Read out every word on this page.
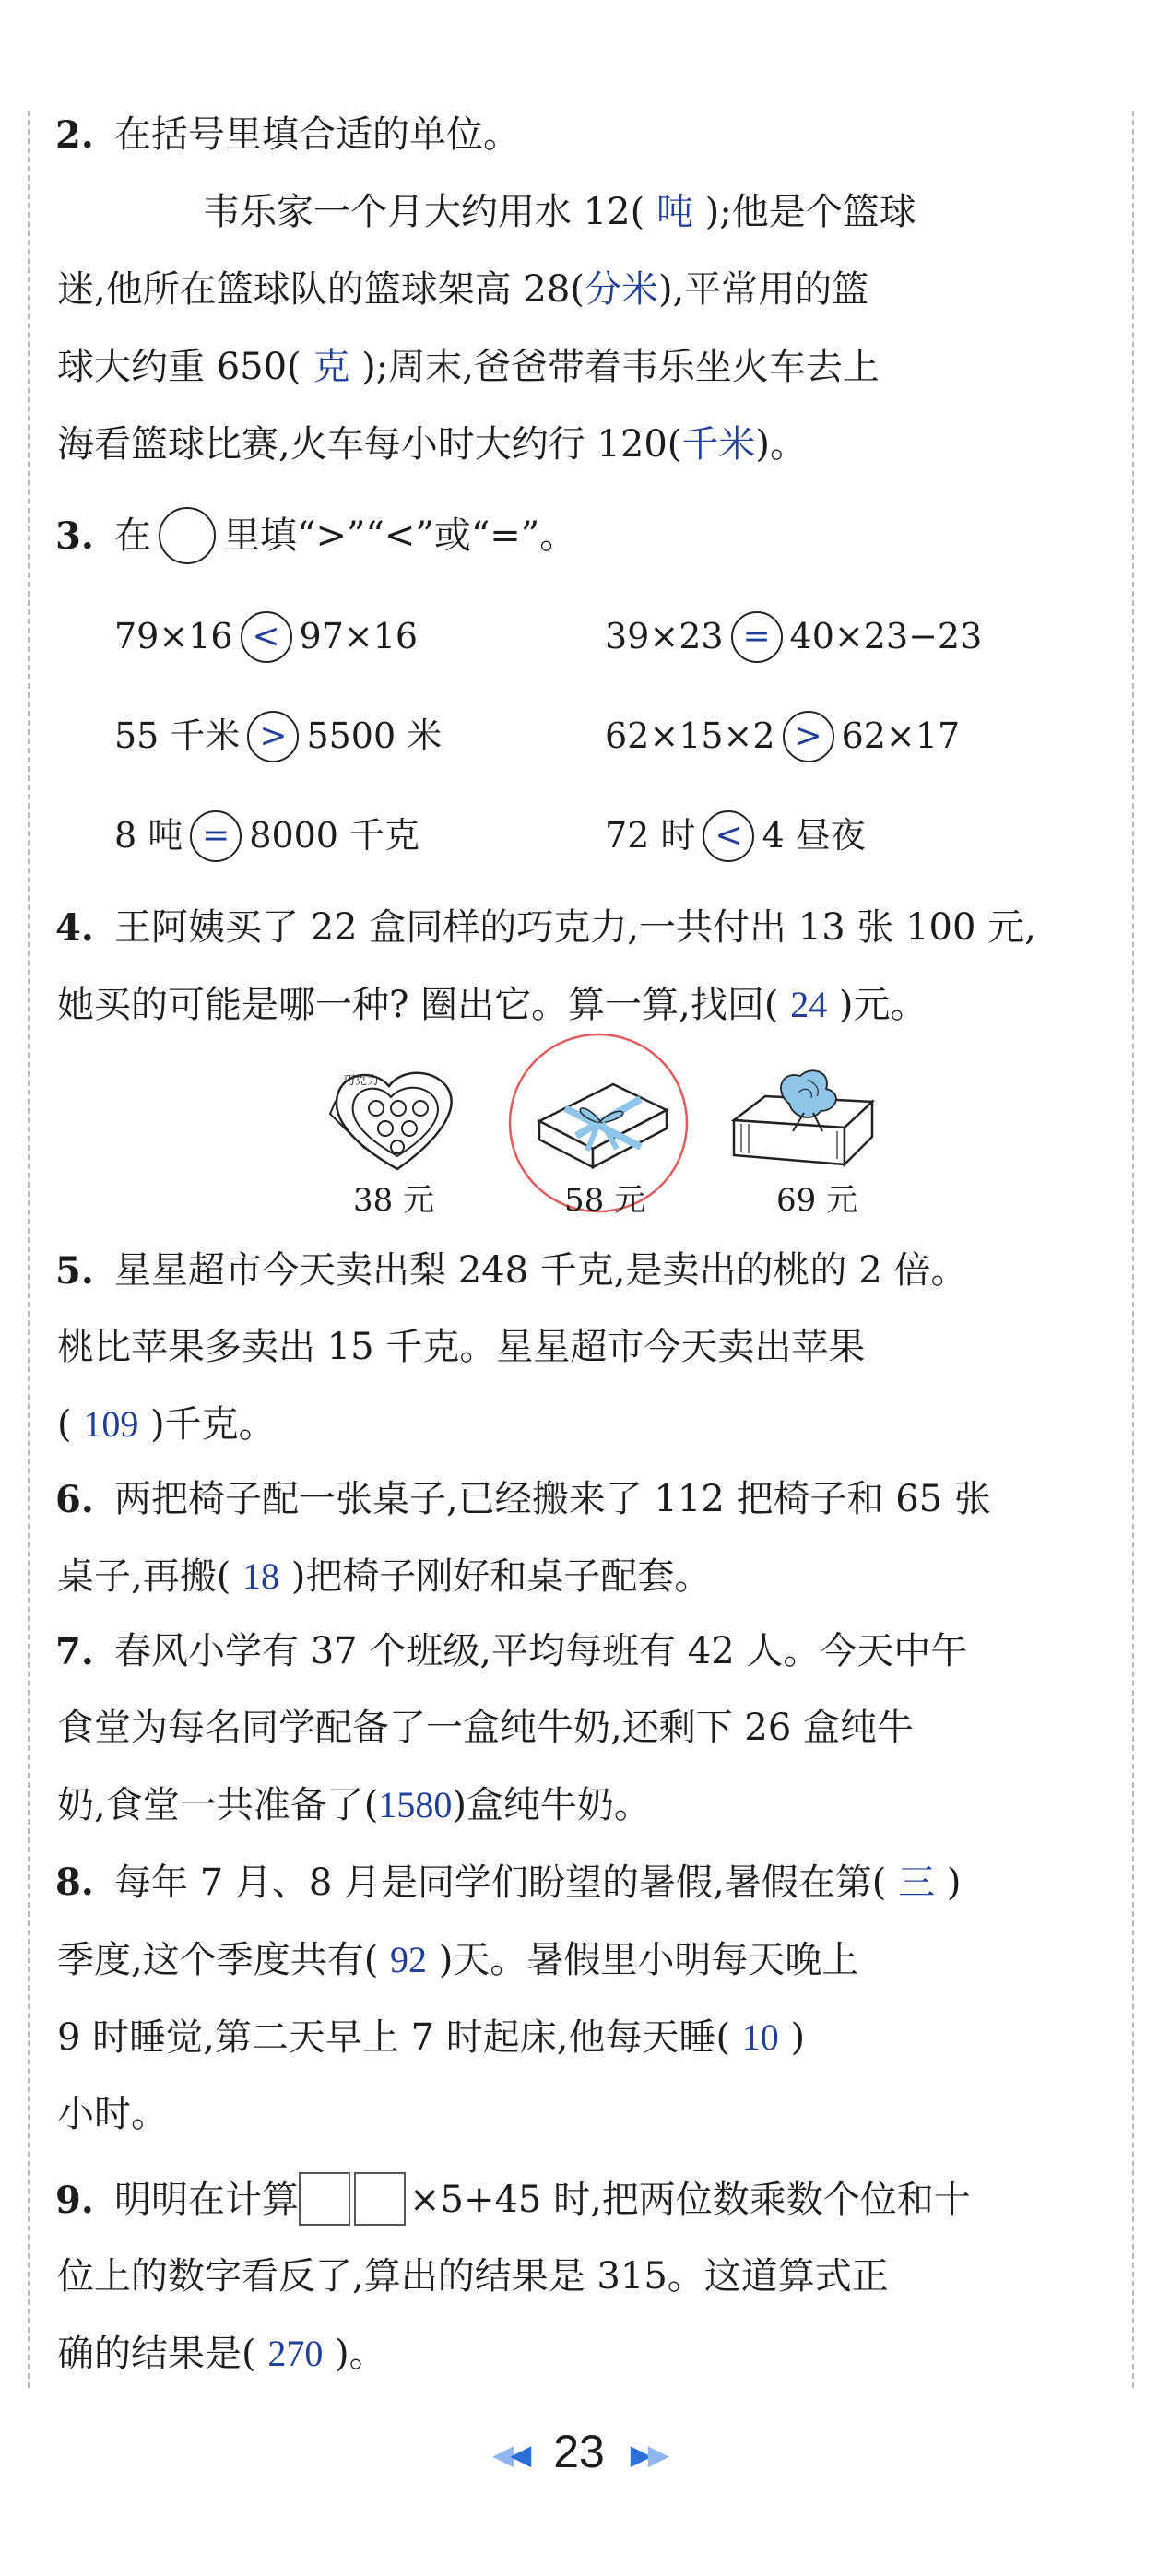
2. 在括号里填合适的单位。
韦乐家一个月大约用水 12( 吨 );他是个篮球
迷,他所在篮球队的篮球架高 28(分米),平常用的篮
球大约重 650( 克 );周末,爸爸带着韦乐坐火车去上
海看篮球比赛,火车每小时大约行 120(千米)。
3. 在 里填“>”“<”或“=”。
79×16 < 97×16	39×23 = 40×23−23
55 千米 > 5500 米	62×15×2 > 62×17
8 吨 = 8000 千克	72 时 < 4 昼夜
4. 王阿姨买了 22 盒同样的巧克力,一共付出 13 张 100 元,
她买的可能是哪一种? 圈出它。算一算,找回( 24 )元。
巧克力
38 元	58 元	69 元
5. 星星超市今天卖出梨 248 千克,是卖出的桃的 2 倍。
桃比苹果多卖出 15 千克。星星超市今天卖出苹果
( 109 )千克。
6. 两把椅子配一张桌子,已经搬来了 112 把椅子和 65 张
桌子,再搬( 18 )把椅子刚好和桌子配套。
7. 春风小学有 37 个班级,平均每班有 42 人。今天中午
食堂为每名同学配备了一盒纯牛奶,还剩下 26 盒纯牛
奶,食堂一共准备了(1580)盒纯牛奶。
8. 每年 7 月、8 月是同学们盼望的暑假,暑假在第( 三 )
季度,这个季度共有( 92 )天。暑假里小明每天晚上
9 时睡觉,第二天早上 7 时起床,他每天睡( 10 )
小时。
9. 明明在计算	×5+45 时,把两位数乘数个位和十
位上的数字看反了,算出的结果是 315。这道算式正
确的结果是( 270 )。
◀◀ 23 ▶▶
